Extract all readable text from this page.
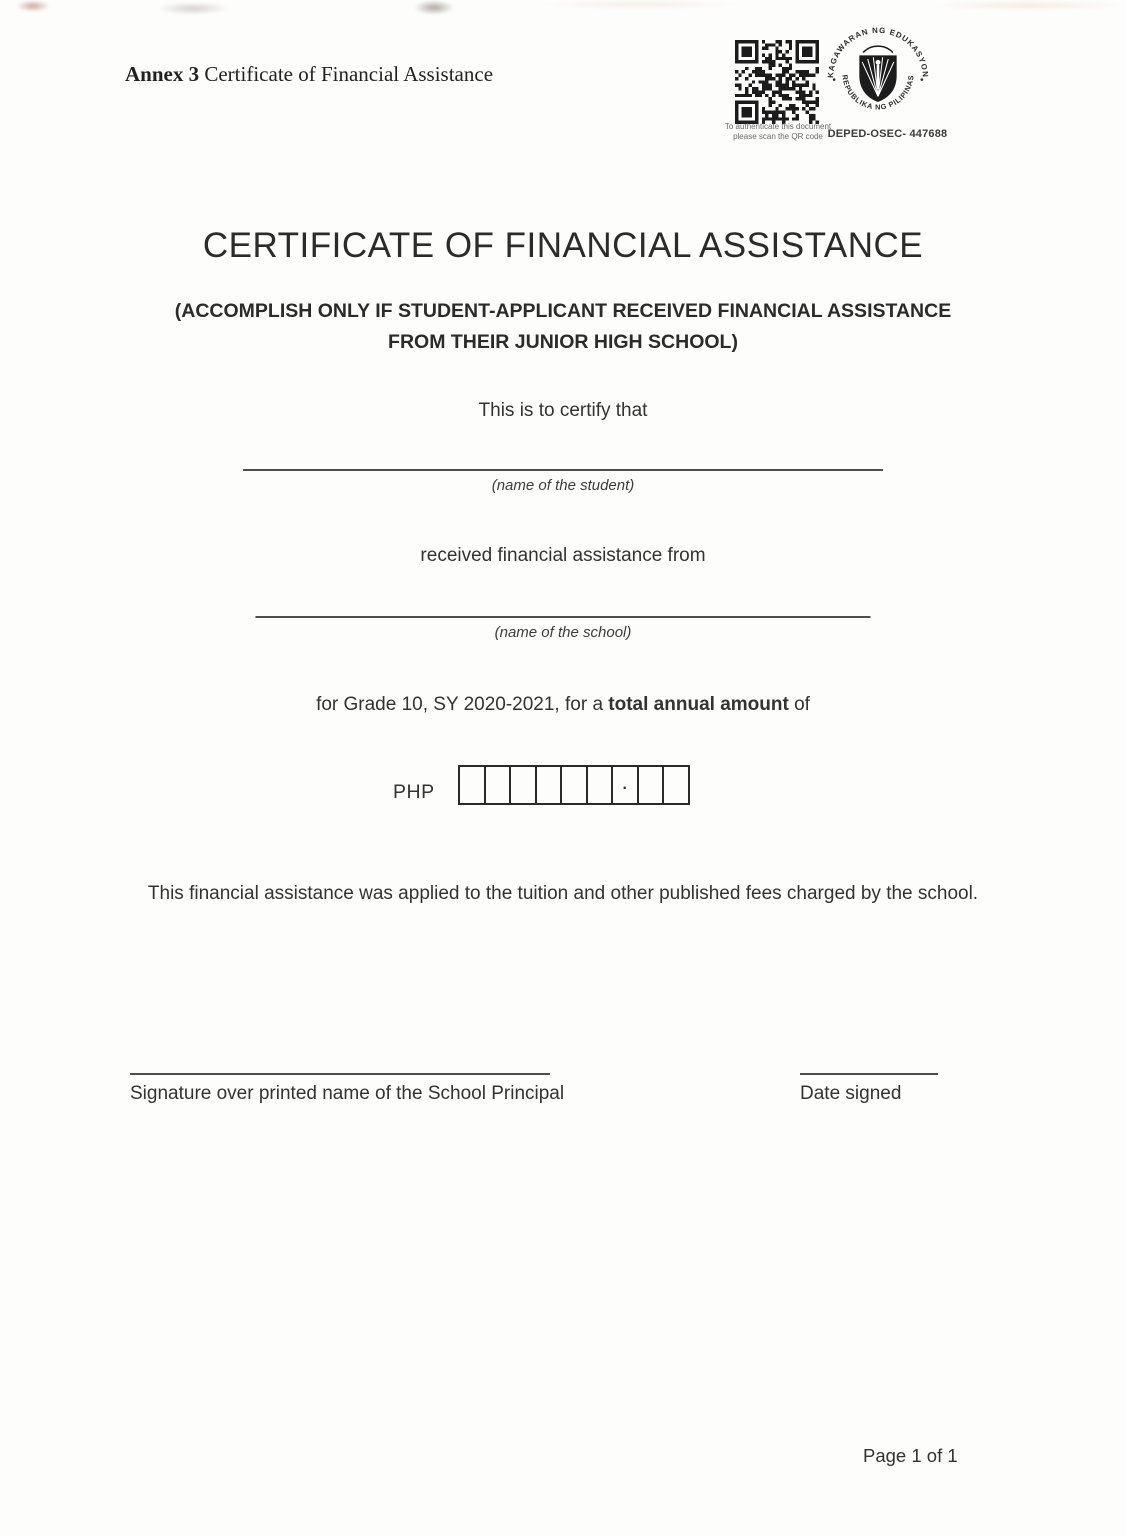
Annex 3 Certificate of Financial Assistance
To authenticate this document
please scan the QR code
KAGAWARAN NG EDUKASYON
REPUBLIKA NG PILIPINAS
DEPED-OSEC- 447688
CERTIFICATE OF FINANCIAL ASSISTANCE
(ACCOMPLISH ONLY IF STUDENT-APPLICANT RECEIVED FINANCIAL ASSISTANCE
FROM THEIR JUNIOR HIGH SCHOOL)
This is to certify that
(name of the student)
received financial assistance from
(name of the school)
for Grade 10, SY 2020-2021, for a total annual amount of
PHP	.
This financial assistance was applied to the tuition and other published fees charged by the school.
Signature over printed name of the School Principal	Date signed
Page 1 of 1
